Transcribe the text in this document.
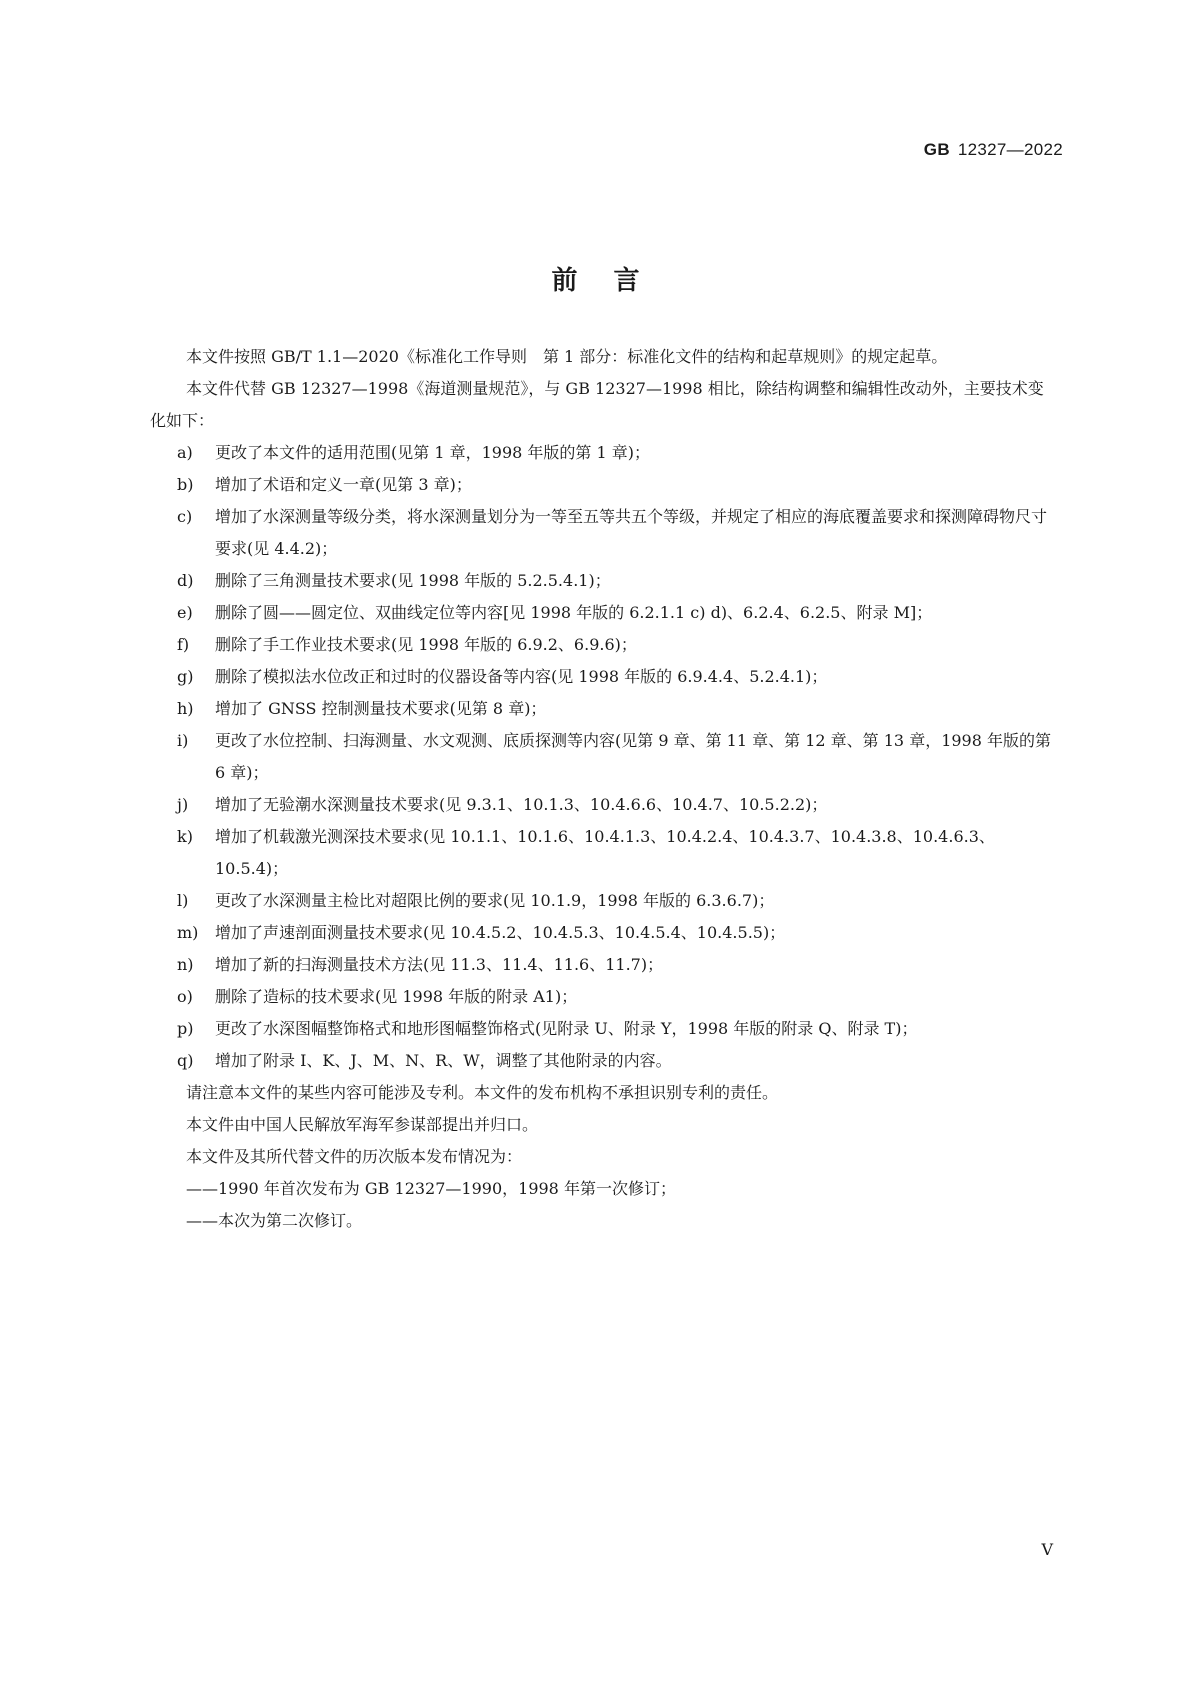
GB 12327—2022
前言

本文件按照 GB/T 1.1—2020《标准化工作导则　第 1 部分：标准化文件的结构和起草规则》的规定起草。

本文件代替 GB 12327—1998《海道测量规范》，与 GB 12327—1998 相比，除结构调整和编辑性改动外，主要技术变化如下：

a) 更改了本文件的适用范围(见第 1 章，1998 年版的第 1 章)；

b) 增加了术语和定义一章(见第 3 章)；

c) 增加了水深测量等级分类，将水深测量划分为一等至五等共五个等级，并规定了相应的海底覆盖要求和探测障碍物尺寸要求(见 4.4.2)；

d) 删除了三角测量技术要求(见 1998 年版的 5.2.5.4.1)；

e) 删除了圆——圆定位、双曲线定位等内容[见 1998 年版的 6.2.1.1 c) d)、6.2.4、6.2.5、附录 M]；

f) 删除了手工作业技术要求(见 1998 年版的 6.9.2、6.9.6)；

g) 删除了模拟法水位改正和过时的仪器设备等内容(见 1998 年版的 6.9.4.4、5.2.4.1)；

h) 增加了 GNSS 控制测量技术要求(见第 8 章)；

i) 更改了水位控制、扫海测量、水文观测、底质探测等内容(见第 9 章、第 11 章、第 12 章、第 13 章，1998 年版的第 6 章)；

j) 增加了无验潮水深测量技术要求(见 9.3.1、10.1.3、10.4.6.6、10.4.7、10.5.2.2)；

k) 增加了机载激光测深技术要求(见 10.1.1、10.1.6、10.4.1.3、10.4.2.4、10.4.3.7、10.4.3.8、10.4.6.3、10.5.4)；

l) 更改了水深测量主检比对超限比例的要求(见 10.1.9，1998 年版的 6.3.6.7)；

m) 增加了声速剖面测量技术要求(见 10.4.5.2、10.4.5.3、10.4.5.4、10.4.5.5)；

n) 增加了新的扫海测量技术方法(见 11.3、11.4、11.6、11.7)；

o) 删除了造标的技术要求(见 1998 年版的附录 A1)；

p) 更改了水深图幅整饰格式和地形图幅整饰格式(见附录 U、附录 Y，1998 年版的附录 Q、附录 T)；

q) 增加了附录 I、K、J、M、N、R、W，调整了其他附录的内容。

请注意本文件的某些内容可能涉及专利。本文件的发布机构不承担识别专利的责任。

本文件由中国人民解放军海军参谋部提出并归口。

本文件及其所代替文件的历次版本发布情况为：

——1990 年首次发布为 GB 12327—1990，1998 年第一次修订；

——本次为第二次修订。

V
